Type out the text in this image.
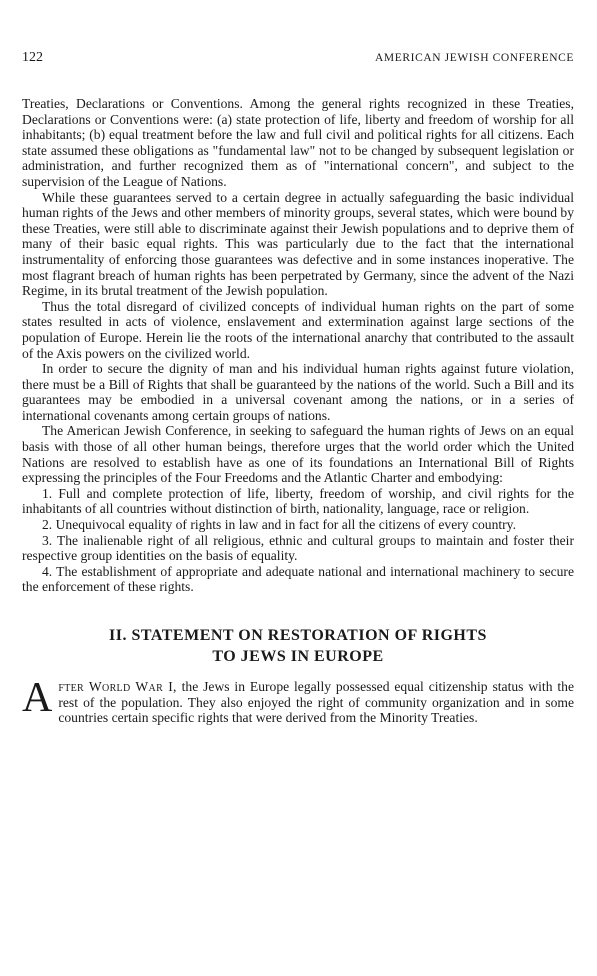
122	AMERICAN JEWISH CONFERENCE

Treaties, Declarations or Conventions. Among the general rights recognized in these Treaties, Declarations or Conventions were: (a) state protection of life, liberty and freedom of worship for all inhabitants; (b) equal treatment before the law and full civil and political rights for all citizens. Each state assumed these obligations as "fundamental law" not to be changed by subsequent legislation or administration, and further recognized them as of "international concern", and subject to the supervision of the League of Nations.

While these guarantees served to a certain degree in actually safeguarding the basic individual human rights of the Jews and other members of minority groups, several states, which were bound by these Treaties, were still able to discriminate against their Jewish populations and to deprive them of many of their basic equal rights. This was particularly due to the fact that the international instrumentality of enforcing those guarantees was defective and in some instances inoperative. The most flagrant breach of human rights has been perpetrated by Germany, since the advent of the Nazi Regime, in its brutal treatment of the Jewish population.

Thus the total disregard of civilized concepts of individual human rights on the part of some states resulted in acts of violence, enslavement and extermination against large sections of the population of Europe. Herein lie the roots of the international anarchy that contributed to the assault of the Axis powers on the civilized world.

In order to secure the dignity of man and his individual human rights against future violation, there must be a Bill of Rights that shall be guaranteed by the nations of the world. Such a Bill and its guarantees may be embodied in a universal covenant among the nations, or in a series of international covenants among certain groups of nations.

The American Jewish Conference, in seeking to safeguard the human rights of Jews on an equal basis with those of all other human beings, therefore urges that the world order which the United Nations are resolved to establish have as one of its foundations an International Bill of Rights expressing the principles of the Four Freedoms and the Atlantic Charter and embodying:

1. Full and complete protection of life, liberty, freedom of worship, and civil rights for the inhabitants of all countries without distinction of birth, nationality, language, race or religion.

2. Unequivocal equality of rights in law and in fact for all the citizens of every country.

3. The inalienable right of all religious, ethnic and cultural groups to maintain and foster their respective group identities on the basis of equality.

4. The establishment of appropriate and adequate national and international machinery to secure the enforcement of these rights.

II. STATEMENT ON RESTORATION OF RIGHTS
TO JEWS IN EUROPE
A fter World War I, the Jews in Europe legally possessed equal citizenship status with the rest of the population. They also enjoyed the right of community organization and in some countries certain specific rights that were derived from the Minority Treaties.
